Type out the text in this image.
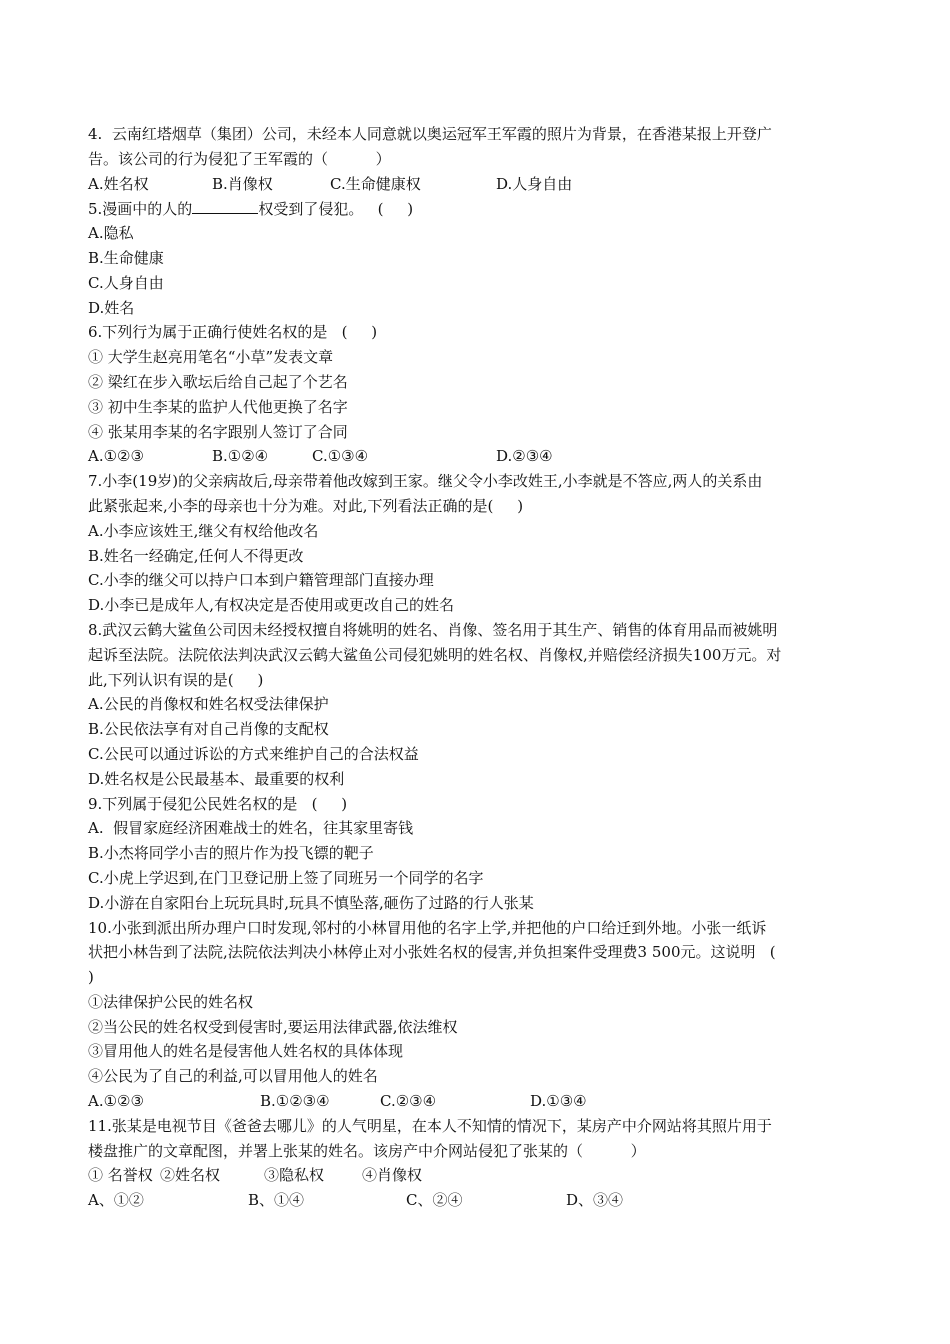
4.  云南红塔烟草（集团）公司，未经本人同意就以奥运冠军王军霞的照片为背景，在香港某报上开登广
告。该公司的行为侵犯了王军霞的（          ）
A.姓名权	B.肖像权	C.生命健康权	D.人身自由
5.漫画中的人的	权受到了侵犯。   (     )
A.隐私
B.生命健康
C.人身自由
D.姓名
6.下列行为属于正确行使姓名权的是   (     )
① 大学生赵亮用笔名“小草”发表文章
② 梁红在步入歌坛后给自己起了个艺名
③ 初中生李某的监护人代他更换了名字
④ 张某用李某的名字跟别人签订了合同
A.①②③	B.①②④	C.①③④	D.②③④
7.小李(19岁)的父亲病故后,母亲带着他改嫁到王家。继父令小李改姓王,小李就是不答应,两人的关系由
此紧张起来,小李的母亲也十分为难。对此,下列看法正确的是(     )
A.小李应该姓王,继父有权给他改名
B.姓名一经确定,任何人不得更改
C.小李的继父可以持户口本到户籍管理部门直接办理
D.小李已是成年人,有权决定是否使用或更改自己的姓名
8.武汉云鹤大鲨鱼公司因未经授权擅自将姚明的姓名、肖像、签名用于其生产、销售的体育用品而被姚明
起诉至法院。法院依法判决武汉云鹤大鲨鱼公司侵犯姚明的姓名权、肖像权,并赔偿经济损失100万元。对
此,下列认识有误的是(     )
A.公民的肖像权和姓名权受法律保护
B.公民依法享有对自己肖像的支配权
C.公民可以通过诉讼的方式来维护自己的合法权益
D.姓名权是公民最基本、最重要的权利
9.下列属于侵犯公民姓名权的是   (     )
A.  假冒家庭经济困难战士的姓名，往其家里寄钱
B.小杰将同学小吉的照片作为投飞镖的靶子
C.小虎上学迟到,在门卫登记册上签了同班另一个同学的名字
D.小游在自家阳台上玩玩具时,玩具不慎坠落,砸伤了过路的行人张某
10.小张到派出所办理户口时发现,邻村的小林冒用他的名字上学,并把他的户口给迁到外地。小张一纸诉
状把小林告到了法院,法院依法判决小林停止对小张姓名权的侵害,并负担案件受理费3 500元。这说明   (
)
①法律保护公民的姓名权
②当公民的姓名权受到侵害时,要运用法律武器,依法维权
③冒用他人的姓名是侵害他人姓名权的具体体现
④公民为了自己的利益,可以冒用他人的姓名
A.①②③	B.①②③④	C.②③④	D.①③④
11.张某是电视节目《爸爸去哪儿》的人气明星，在本人不知情的情况下，某房产中介网站将其照片用于
楼盘推广的文章配图，并署上张某的姓名。该房产中介网站侵犯了张某的（          ）
① 名誉权 ②姓名权	③隐私权	④肖像权
A、①②	B、①④	C、②④	D、③④
